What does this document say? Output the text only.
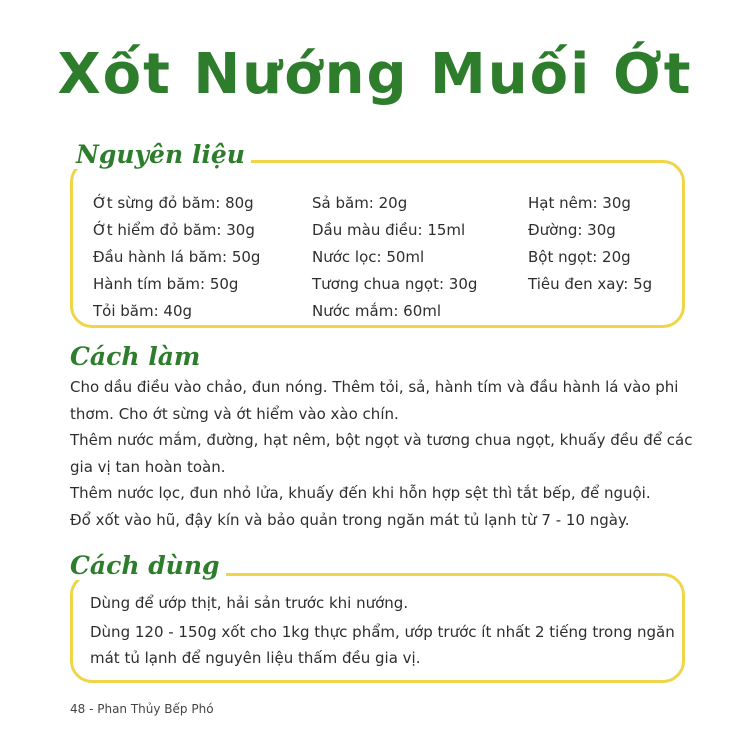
Xốt Nướng Muối Ớt
Nguyên liệu
Ớt sừng đỏ băm: 80g
Ớt hiểm đỏ băm: 30g
Đầu hành lá băm: 50g
Hành tím băm: 50g
Tỏi băm: 40g
Sả băm: 20g
Dầu màu điều: 15ml
Nước lọc: 50ml
Tương chua ngọt: 30g
Nước mắm: 60ml
Hạt nêm: 30g
Đường: 30g
Bột ngọt: 20g
Tiêu đen xay: 5g
Cách làm

Cho dầu điều vào chảo, đun nóng. Thêm tỏi, sả, hành tím và đầu hành lá vào phi thơm. Cho ớt sừng và ớt hiểm vào xào chín.

Thêm nước mắm, đường, hạt nêm, bột ngọt và tương chua ngọt, khuấy đều để các gia vị tan hoàn toàn.

Thêm nước lọc, đun nhỏ lửa, khuấy đến khi hỗn hợp sệt thì tắt bếp, để nguội.

Đổ xốt vào hũ, đậy kín và bảo quản trong ngăn mát tủ lạnh từ 7 - 10 ngày.

Cách dùng

Dùng để ướp thịt, hải sản trước khi nướng.

Dùng 120 - 150g xốt cho 1kg thực phẩm, ướp trước ít nhất 2 tiếng trong ngăn mát tủ lạnh để nguyên liệu thấm đều gia vị.

48 - Phan Thủy Bếp Phó
